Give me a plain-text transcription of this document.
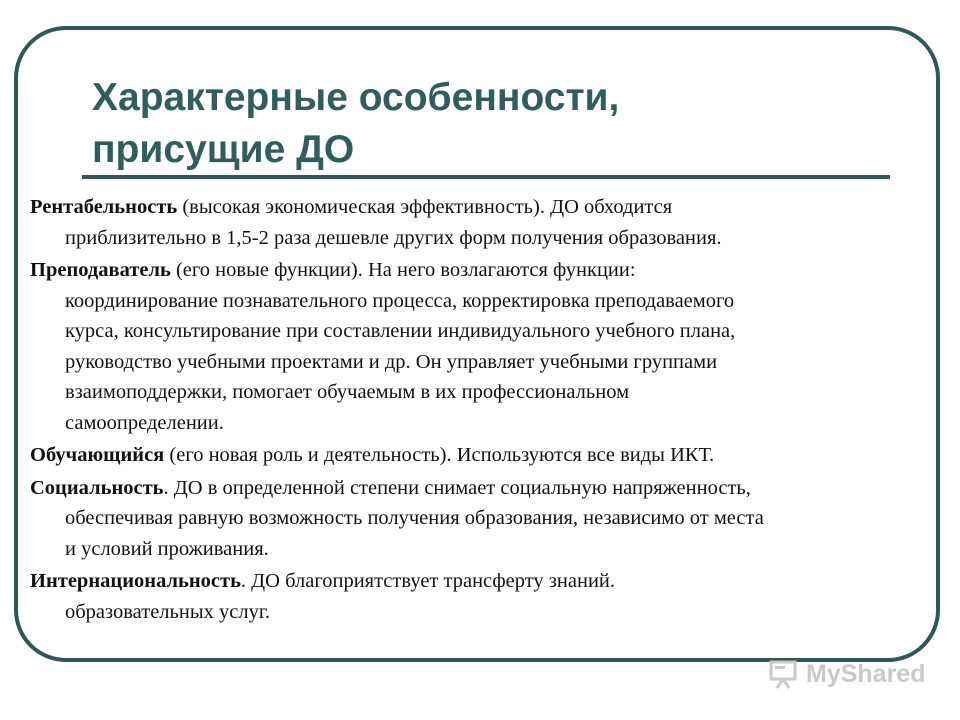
Характерные особенности,
присущие ДО
Рентабельность (высокая экономическая эффективность). ДО обходится
приблизительно в 1,5-2 раза дешевле других форм получения образования.
Преподаватель (его новые функции). На него возлагаются функции:
координирование познавательного процесса, корректировка преподаваемого
курса, консультирование при составлении индивидуального учебного плана,
руководство учебными проектами и др. Он управляет учебными группами
взаимоподдержки, помогает обучаемым в их профессиональном
самоопределении.
Обучающийся (его новая роль и деятельность). Используются все виды ИКТ.
Социальность. ДО в определенной степени снимает социальную напряженность,
обеспечивая равную возможность получения образования, независимо от места
и условий проживания.
Интернациональность. ДО благоприятствует трансферту знаний.
образовательных услуг.
MyShared
